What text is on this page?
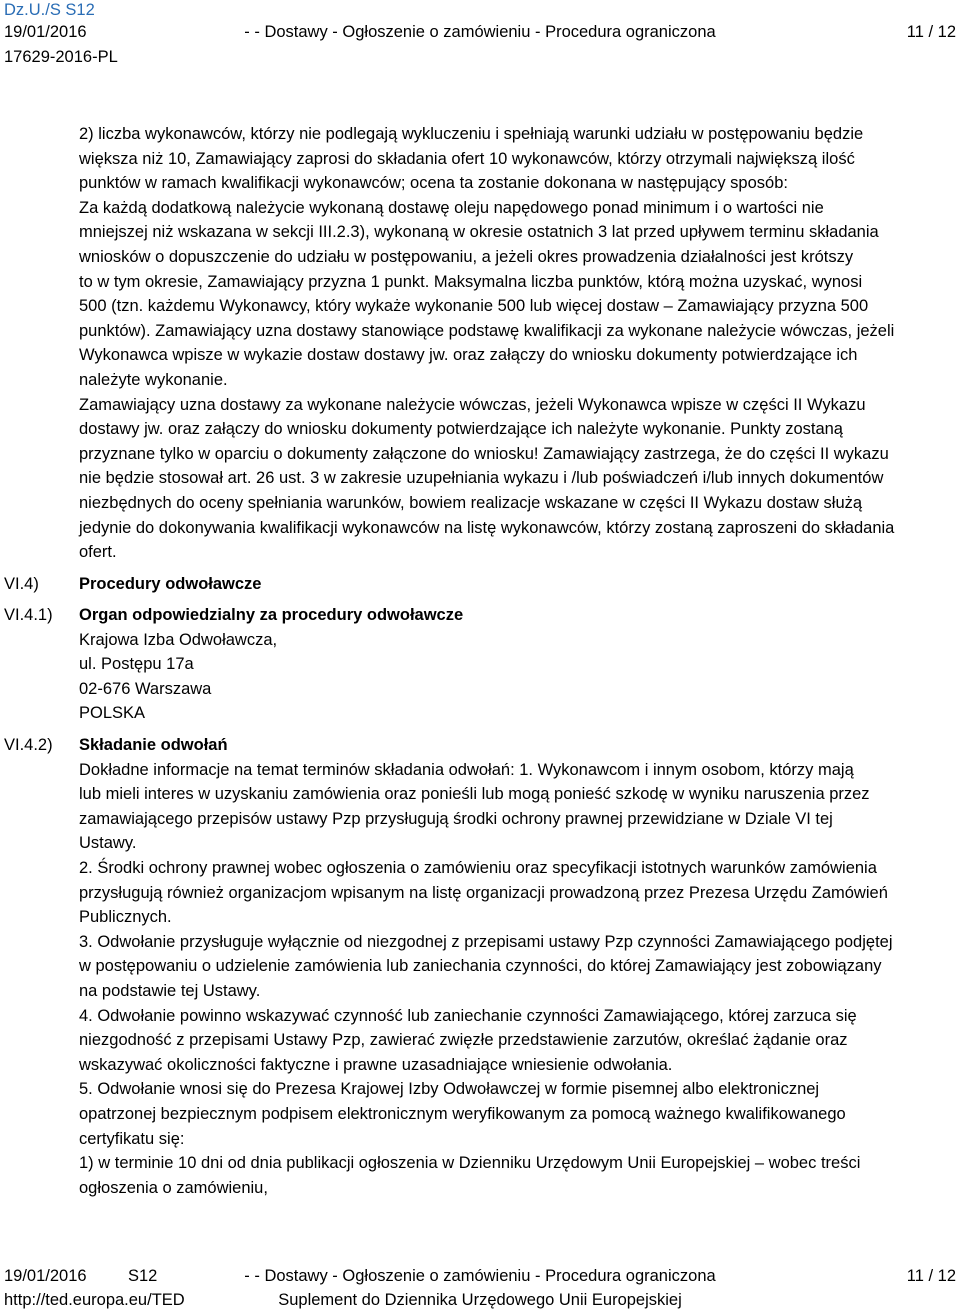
Dz.U./S S12
19/01/2016
17629-2016-PL
- - Dostawy - Ogłoszenie o zamówieniu - Procedura ograniczona	11 / 12
2) liczba wykonawców, którzy nie podlegają wykluczeniu i spełniają warunki udziału w postępowaniu będzie
większa niż 10, Zamawiający zaprosi do składania ofert 10 wykonawców, którzy otrzymali największą ilość
punktów w ramach kwalifikacji wykonawców; ocena ta zostanie dokonana w następujący sposób:
Za każdą dodatkową należycie wykonaną dostawę oleju napędowego ponad minimum i o wartości nie
mniejszej niż wskazana w sekcji III.2.3), wykonaną w okresie ostatnich 3 lat przed upływem terminu składania
wniosków o dopuszczenie do udziału w postępowaniu, a jeżeli okres prowadzenia działalności jest krótszy
to w tym okresie, Zamawiający przyzna 1 punkt. Maksymalna liczba punktów, którą można uzyskać, wynosi
500 (tzn. każdemu Wykonawcy, który wykaże wykonanie 500 lub więcej dostaw – Zamawiający przyzna 500
punktów). Zamawiający uzna dostawy stanowiące podstawę kwalifikacji za wykonane należycie wówczas, jeżeli
Wykonawca wpisze w wykazie dostaw dostawy jw. oraz załączy do wniosku dokumenty potwierdzające ich
należyte wykonanie.
Zamawiający uzna dostawy za wykonane należycie wówczas, jeżeli Wykonawca wpisze w części II Wykazu
dostawy jw. oraz załączy do wniosku dokumenty potwierdzające ich należyte wykonanie. Punkty zostaną
przyznane tylko w oparciu o dokumenty załączone do wniosku! Zamawiający zastrzega, że do części II wykazu
nie będzie stosował art. 26 ust. 3 w zakresie uzupełniania wykazu i /lub poświadczeń i/lub innych dokumentów
niezbędnych do oceny spełniania warunków, bowiem realizacje wskazane w części II Wykazu dostaw służą
jedynie do dokonywania kwalifikacji wykonawców na listę wykonawców, którzy zostaną zaproszeni do składania
ofert.
VI.4) Procedury odwoławcze
VI.4.1) Organ odpowiedzialny za procedury odwoławcze
Krajowa Izba Odwoławcza,
ul. Postępu 17a
02-676 Warszawa
POLSKA
VI.4.2) Składanie odwołań
Dokładne informacje na temat terminów składania odwołań: 1. Wykonawcom i innym osobom, którzy mają
lub mieli interes w uzyskaniu zamówienia oraz ponieśli lub mogą ponieść szkodę w wyniku naruszenia przez
zamawiającego przepisów ustawy Pzp przysługują środki ochrony prawnej przewidziane w Dziale VI tej
Ustawy.
2. Środki ochrony prawnej wobec ogłoszenia o zamówieniu oraz specyfikacji istotnych warunków zamówienia
przysługują również organizacjom wpisanym na listę organizacji prowadzoną przez Prezesa Urzędu Zamówień
Publicznych.
3. Odwołanie przysługuje wyłącznie od niezgodnej z przepisami ustawy Pzp czynności Zamawiającego podjętej
w postępowaniu o udzielenie zamówienia lub zaniechania czynności, do której Zamawiający jest zobowiązany
na podstawie tej Ustawy.
4. Odwołanie powinno wskazywać czynność lub zaniechanie czynności Zamawiającego, której zarzuca się
niezgodność z przepisami Ustawy Pzp, zawierać zwięzłe przedstawienie zarzutów, określać żądanie oraz
wskazywać okoliczności faktyczne i prawne uzasadniające wniesienie odwołania.
5. Odwołanie wnosi się do Prezesa Krajowej Izby Odwoławczej w formie pisemnej albo elektronicznej
opatrzonej bezpiecznym podpisem elektronicznym weryfikowanym za pomocą ważnego kwalifikowanego
certyfikatu się:
1) w terminie 10 dni od dnia publikacji ogłoszenia w Dzienniku Urzędowym Unii Europejskiej – wobec treści
ogłoszenia o zamówieniu,
19/01/2016	S12
http://ted.europa.eu/TED
- - Dostawy - Ogłoszenie o zamówieniu - Procedura ograniczona
Suplement do Dziennika Urzędowego Unii Europejskiej
11 / 12
